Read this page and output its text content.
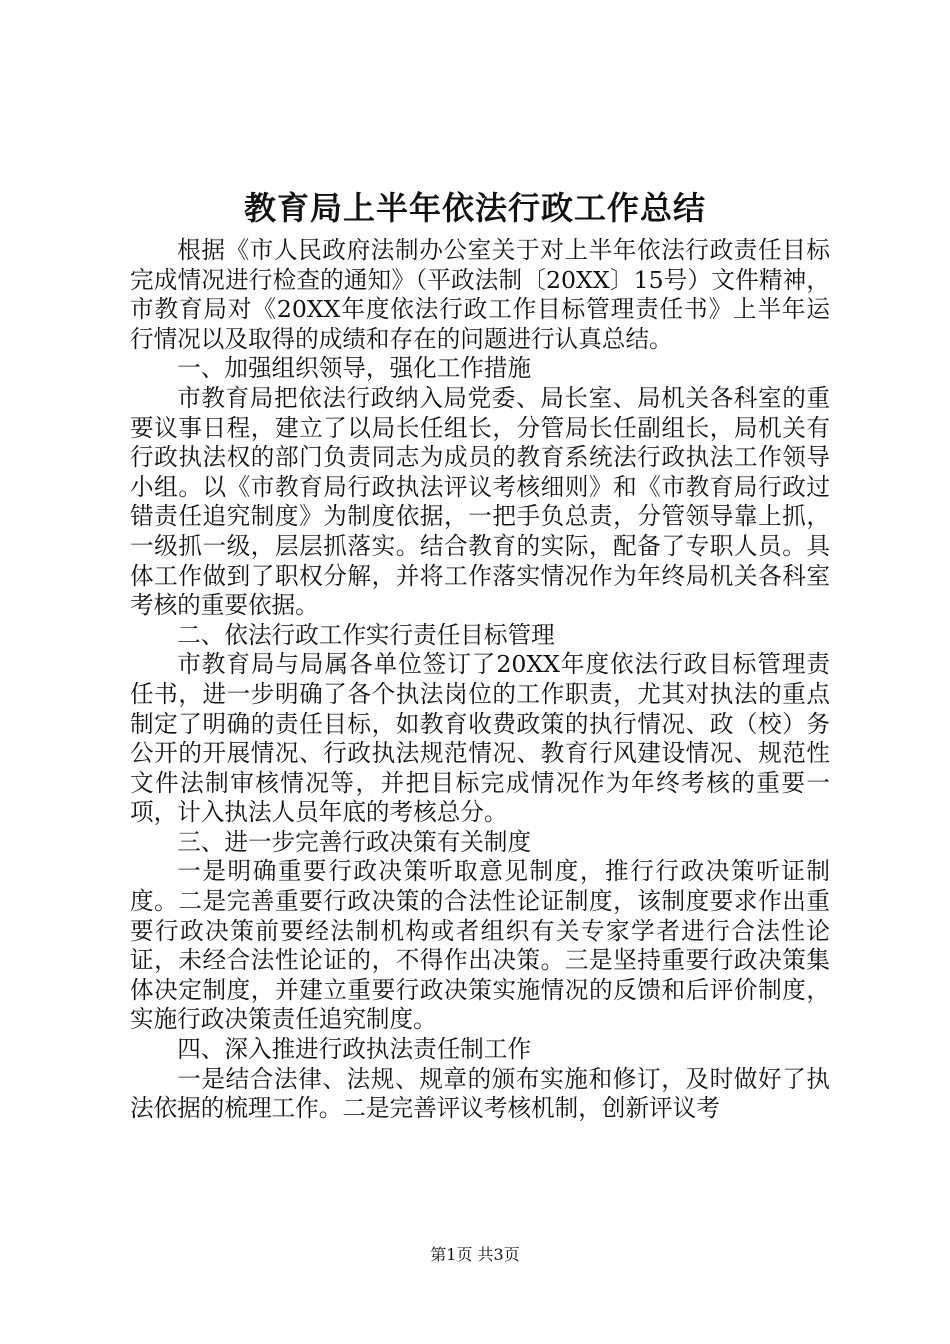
教育局上半年依法行政工作总结

根据《市人民政府法制办公室关于对上半年依法行政责任目标完成情况进行检查的通知》（平政法制〔20XX〕15号）文件精神，市教育局对《20XX年度依法行政工作目标管理责任书》上半年运行情况以及取得的成绩和存在的问题进行认真总结。

一、加强组织领导，强化工作措施

市教育局把依法行政纳入局党委、局长室、局机关各科室的重要议事日程，建立了以局长任组长，分管局长任副组长，局机关有行政执法权的部门负责同志为成员的教育系统法行政执法工作领导小组。以《市教育局行政执法评议考核细则》和《市教育局行政过错责任追究制度》为制度依据，一把手负总责，分管领导靠上抓，一级抓一级，层层抓落实。结合教育的实际，配备了专职人员。具体工作做到了职权分解，并将工作落实情况作为年终局机关各科室考核的重要依据。

二、依法行政工作实行责任目标管理

市教育局与局属各单位签订了20XX年度依法行政目标管理责任书，进一步明确了各个执法岗位的工作职责，尤其对执法的重点制定了明确的责任目标，如教育收费政策的执行情况、政（校）务公开的开展情况、行政执法规范情况、教育行风建设情况、规范性文件法制审核情况等，并把目标完成情况作为年终考核的重要一项，计入执法人员年底的考核总分。

三、进一步完善行政决策有关制度

一是明确重要行政决策听取意见制度，推行行政决策听证制度。二是完善重要行政决策的合法性论证制度，该制度要求作出重要行政决策前要经法制机构或者组织有关专家学者进行合法性论证，未经合法性论证的，不得作出决策。三是坚持重要行政决策集体决定制度，并建立重要行政决策实施情况的反馈和后评价制度，实施行政决策责任追究制度。

四、深入推进行政执法责任制工作

一是结合法律、法规、规章的颁布实施和修订，及时做好了执法依据的梳理工作。二是完善评议考核机制，创新评议考

第1页 共3页
